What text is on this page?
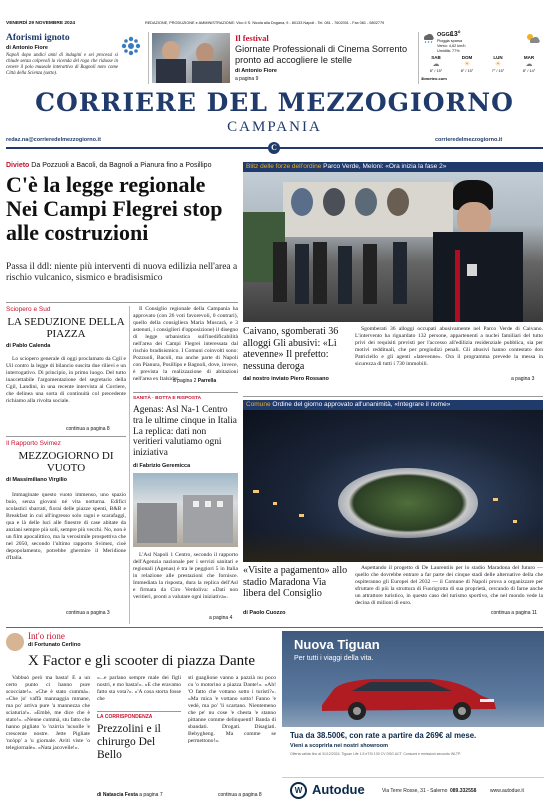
Aforismi ignoto
di Antonio Fiore
Napoli dopo undici anni di indagini e sei processi si chiude senza colpevoli la vicenda del rogo che ridusse in cenere il polo museale interattivo di Bagnoli noto come Città della Scienza (sotto).
Il festival
Giornate Professionali di Cinema Sorrento pronto ad accogliere le stelle
di Antonio Fiore
a pagina 9
VENERDÌ 29 NOVEMBRE 2024	REDAZIONE, PRODUZIONE e AMMINISTRAZIONE: Vico II S. Nicola alla Dogana, 9 - 80133 Napoli - Tel. 081 - 7602001 - Fax 081 - 5802779
OGGI
13°
Pioggia sparsa
Vento: 4,62 km/h
Umidità: 77%
SAB
☁
8° / 15°
DOM
☀
8° / 15°
LUN
☀
7° / 15°
MAR
☁
8° / 14°
3bmeteo.com
CORRIERE DEL MEZZOGIORNO
CAMPANIA
redaz.na@corrieredelmezzogiorno.it	corrieredelmezzogiorno.it
C
Divieto Da Pozzuoli a Bacoli, da Bagnoli a Pianura fino a Posillipo
C'è la legge regionale Nei Campi Flegrei stop alle costruzioni
Passa il ddl: niente più interventi di nuova edilizia nell'area a rischio vulcanico, sismico e bradisismico
Sciopero e Sud
LA SEDUZIONE DELLA PIAZZA
di Pablo Calenda
Lo sciopero generale di oggi proclamato da Cgil e Uil contro la legge di bilancio suscita due rilievi e un interrogativo. Di principio, in primo luogo. Del tutto inaccettabile l'argomentazione del segretario della Cgil, Landini, in una recente intervista al Corriere, che delinea una sorta di continuità col precedente richiamo alla rivolta sociale.
continua a pagina 8
Il Rapporto Svimez
MEZZOGIORNO DI VUOTO
di Massimiliano Virgilio
Immaginate questo vuoto immenso, uno spazio buio, senza giovani né vita notturna. Edifici scolastici sbarrati, fiorai delle piazze spenti, B&B e Breakfast in cui all'ingresso solo ragni e scarafaggi, qua e là delle luci alle finestre di case abitate da anziani sempre più soli, sempre più vecchi. No, non è un film apocalittico, ma la verosimile prospettiva che nel 2050, secondo l'ultimo rapporto Svimez, cioè depopolamento, potrebbe ghermire il Meridione d'Italia.
continua a pagina 3
Il Consiglio regionale della Campania ha approvato (con 26 voti favorevoli, 0 contrari), quello della consigliera Maria Muscarà, e 3 astenuti, i consiglieri d'opposizione) il disegno di legge urbanistica sull'inedificabilità nell'area dei Campi Flegrei interessata dal rischio bradisismico. I Comuni coinvolti sono: Pozzuoli, Bacoli, ma anche parte di Napoli con Pianura, Posillipo e Bagnoli, dove, invece, è prevista la realizzazione di abitazioni nell'area ex Italsider.
a pagina 2 Parrella
SANITÀ · BOTTA E RISPOSTA
Agenas: Asl Na-1 Centro tra le ultime cinque in Italia La replica: dati non veritieri valutiamo ogni iniziativa
di Fabrizio Geremicca
L'Asl Napoli 1 Centro, secondo il rapporto dell'Agenzia nazionale per i servizi sanitari e regionali (Agenas) è tra le peggiori 5 in Italia in relazione alle prestazioni che fornisce. Immediata la risposta, dura la replica dell'Asl e firmata da Ciro Verdoliva: «Dati non veritieri, pronti a valutare ogni iniziativa».
a pagina 4
Blitz delle forze dell'ordine Parco Verde, Meloni: «Ora inizia la fase 2»
Caivano, sgomberati 36 alloggi Gli abusivi: «Lì atevenne» Il prefetto: nessuna deroga
dal nostro inviato Piero Rossano
Sgomberati 36 alloggi occupati abusivamente nel Parco Verde di Caivano. L'intervento ha riguardato 132 persone, appartenenti a nuclei familiari del tutto privi dei requisiti previsti per l'accesso all'edilizia residenziale pubblica, sia per motivi reddituali, che per pregiudizi penali. Gli abusivi hanno contestato don Patriciello e gli agenti «latevenne». Ora il programma prevede la messa in sicurezza di tutti i 730 immobili.
a pagina 3
Comune Ordine del giorno approvato all'unanimità, «Integrare il nome»
«Visite a pagamento» allo stadio Maradona Via libera del Consiglio
di Paolo Cuozzo
Aspettando il progetto di De Laurentiis per lo stadio Maradona del futuro — quello che dovrebbe entrare a far parte dei cinque stadi delle alternative della che ospiteranno gli Europei del 2032 — il Comune di Napoli prova a organizzare per sfruttare di più la struttura di Fuorigrotta di sua proprietà, cercando di farne anche un attrattore turistico, in questo caso del turismo sportivo, che nel mondo vede la decina di milioni di euro.
continua a pagina 11
Int'o rione
di Fortunato Cerlino
X Factor e gli scooter di piazza Dante
Vabbuò però ma basta! E a un certo punto ci hanno pure scocciate!». «Che è stato cummà». «Che jo' vaffà mannaggia mmane, ma po' arriva pure 'a mannezza che sciaturia!». «Embè, me dice che è stato!». «Nenne cummà, stu fatto che hanno pigliato 'o 'nzirria 'ncuolle 'e crescente nostre. Jette Pigliate 'ncòpp' a 'u giornale. Aviti viste 'o telegiornale». «Nata jacovelle!».
«...e parlano sempre male dei figli nostri, e mo basta!». «E che eravamo fatto sta vota?». «'A cosa storta fosse che
LA CORRISPONDENZA
Prezzolini e il chirurgo Del Bello
di Natascia Festa a pagina 7
sti guaglione vanno a pazzià nu poco cu 'o motorino a piazza Dante!». «Ah! 'O fatto che vottano sotto i turisti?». «Ma mica 'e vottano sotto! Fanno 'e vedè, ma po' 'li scartano. Nientemeno che pe' nu cose 'e chesta 'e stanno pittanne comme delinquenti! Banda di sbandati. Drogati. Disagiati. Bebygheng. Ma comme se permettono!».
continua a pagina 8
Nuova Tiguan
Per tutti i viaggi della vita.
Tua da 38.500€, con rate a partire da 269€ al mese.
Vieni a scoprirla nei nostri showroom
Offerta valida fino al 31/12/2024. Tiguan Life 1.5 eTSI 130 CV DSG ACT. Consumi e emissioni secondo WLTP.
W Autodue	Via Terre Rosse, 31 - Salerno 089.332558	www.autodue.it
